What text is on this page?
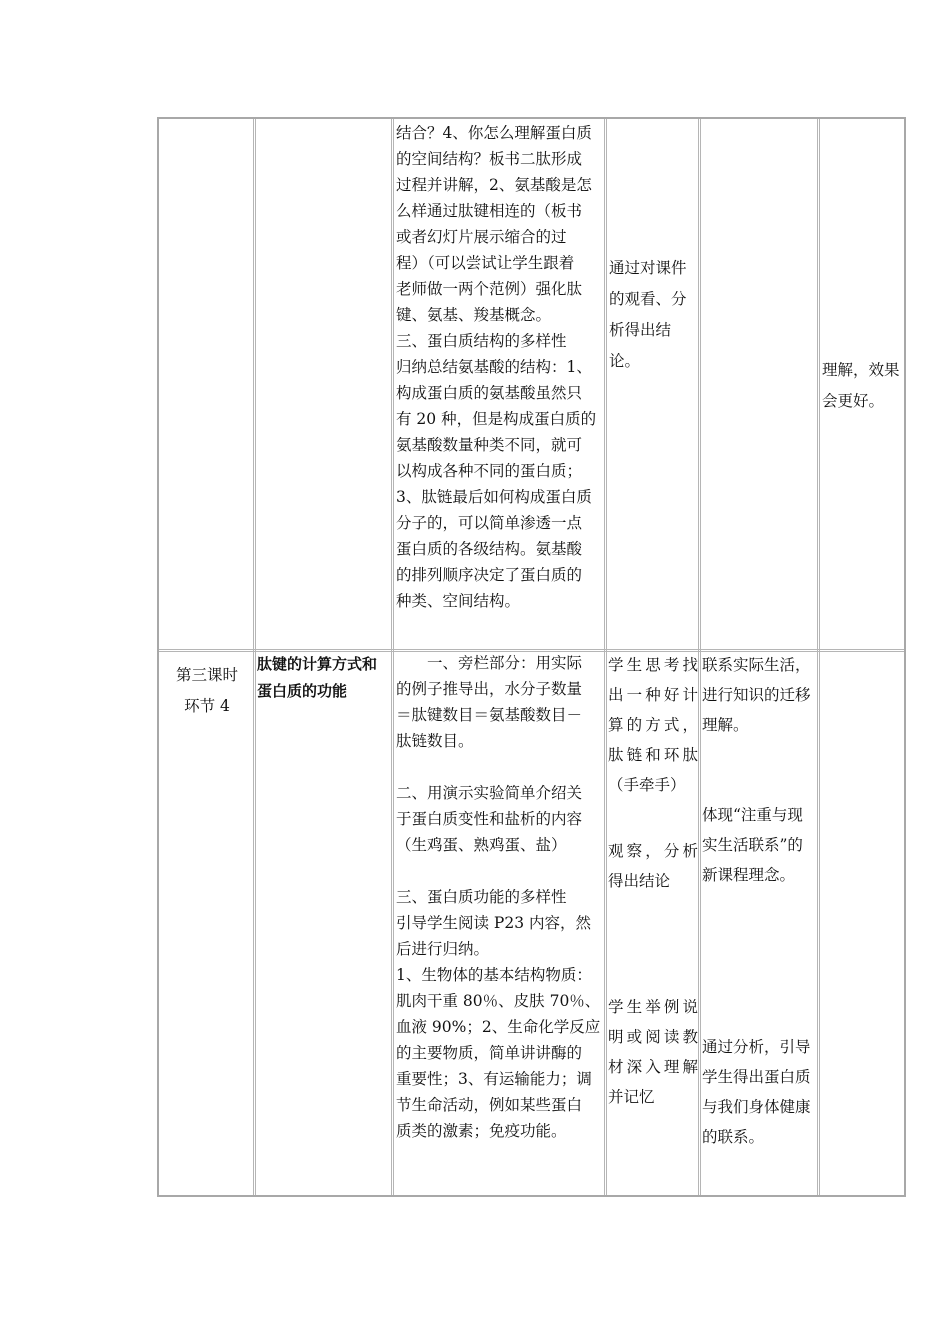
结合？4、你怎么理解蛋白质

的空间结构？板书二肽形成

过程并讲解，2、氨基酸是怎

么样通过肽键相连的（板书

或者幻灯片展示缩合的过

程）（可以尝试让学生跟着

老师做一两个范例）强化肽

键、氨基、羧基概念。

三、蛋白质结构的多样性

归纳总结氨基酸的结构：1、

构成蛋白质的氨基酸虽然只

有 20 种，但是构成蛋白质的

氨基酸数量种类不同，就可

以构成各种不同的蛋白质；

3、肽链最后如何构成蛋白质

分子的，可以简单渗透一点

蛋白质的各级结构。氨基酸

的排列顺序决定了蛋白质的

种类、空间结构。

通过对课件

的观看、分

析得出结

论。	理解，效果

会更好。

第三课时

环节 4

肽键的计算方式和

蛋白质的功能

　　一、旁栏部分：用实际

的例子推导出，水分子数量

＝肽键数目＝氨基酸数目－

肽链数目。

二、用演示实验简单介绍关

于蛋白质变性和盐析的内容

（生鸡蛋、熟鸡蛋、盐）

三、蛋白质功能的多样性

引导学生阅读 P23 内容，然

后进行归纳。

1、生物体的基本结构物质：

肌肉干重 80％、皮肤 70％、

血液 90%；2、生命化学反应

的主要物质，简单讲讲酶的

重要性；3、有运输能力；调

节生命活动，例如某些蛋白

质类的激素；免疫功能。

学生思考找

出一种好计

算的方式，

肽链和环肽

（手牵手）

观察，分析

得出结论

学生举例说

明或阅读教

材深入理解

并记忆

联系实际生活，

进行知识的迁移

理解。

体现“注重与现

实生活联系”的

新课程理念。

通过分析，引导

学生得出蛋白质

与我们身体健康

的联系。
